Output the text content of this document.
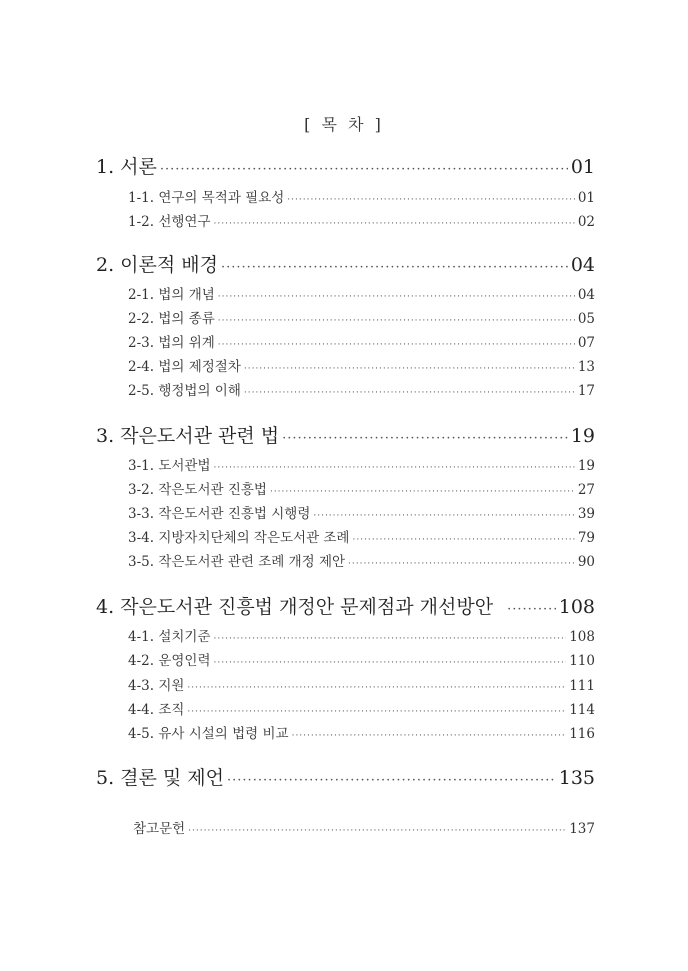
[ 목 차 ]
1. 서론 ·····	01
1-1. 연구의 목적과 필요성 ·····	01
1-2. 선행연구 ·····	02
2. 이론적 배경 ·····	04
2-1. 법의 개념 ·····	04
2-2. 법의 종류 ·····	05
2-3. 법의 위계 ·····	07
2-4. 법의 제정절차 ·····	13
2-5. 행정법의 이해 ·····	17
3. 작은도서관 관련 법 ·····	19
3-1. 도서관법 ·····	19
3-2. 작은도서관 진흥법 ·····	27
3-3. 작은도서관 진흥법 시행령 ·····	39
3-4. 지방자치단체의 작은도서관 조례 ·····	79
3-5. 작은도서관 관련 조례 개정 제안 ·····	90
4. 작은도서관 진흥법 개정안 문제점과 개선방안 ·····	108
4-1. 설치기준 ·····	108
4-2. 운영인력 ·····	110
4-3. 지원 ·····	111
4-4. 조직 ·····	114
4-5. 유사 시설의 법령 비교 ·····	116
5. 결론 및 제언 ·····	135
참고문헌 ·····	137
